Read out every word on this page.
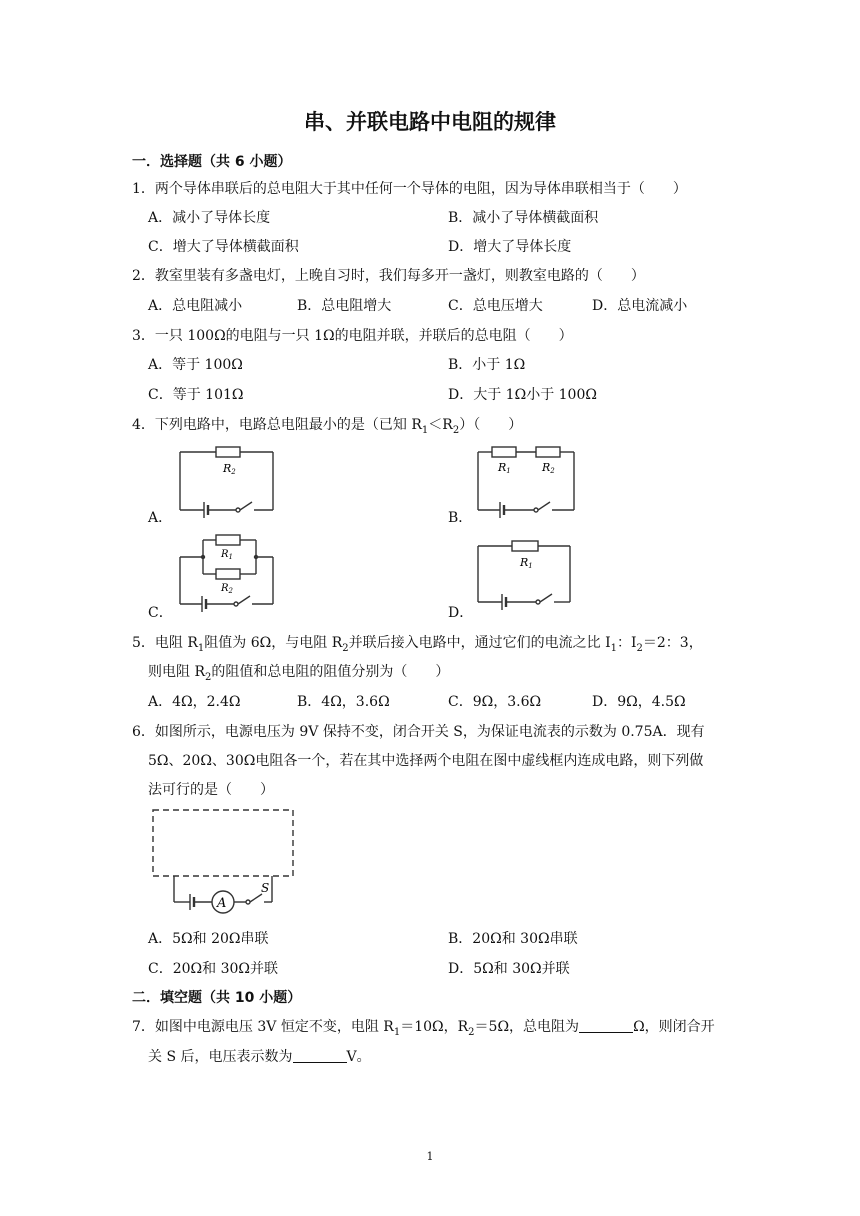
串、并联电路中电阻的规律
一．选择题（共 6 小题）
1．两个导体串联后的总电阻大于其中任何一个导体的电阻，因为导体串联相当于（　　）
A．减小了导体长度	B．减小了导体横截面积
C．增大了导体横截面积	D．增大了导体长度
2．教室里装有多盏电灯，上晚自习时，我们每多开一盏灯，则教室电路的（　　）
A．总电阻减小	B．总电阻增大	C．总电压增大	D．总电流减小
3．一只 100Ω的电阻与一只 1Ω的电阻并联，并联后的总电阻（　　）
A．等于 100Ω	B．小于 1Ω
C．等于 101Ω	D．大于 1Ω小于 100Ω
4．下列电路中，电路总电阻最小的是（已知 $R_1<R_2$）（　　）
A．	B．
C．	D．
R2	R1	R2
$R_1$
$R_2$
R1
5．电阻 $R_1$阻值为 6Ω，与电阻 $R_2$并联后接入电路中，通过它们的电流之比 $I_1$：$I_2=2$：3，
则电阻 $R_2$的阻值和总电阻的阻值分别为（　　）
A．4Ω，2.4Ω	B．4Ω，3.6Ω	C．9Ω，3.6Ω	D．9Ω，4.5Ω
6．如图所示，电源电压为 9V 保持不变，闭合开关 S，为保证电流表的示数为 0.75A．现有
5Ω、20Ω、30Ω电阻各一个，若在其中选择两个电阻在图中虚线框内连成电路，则下列做
法可行的是（　　）
A
S
A．5Ω和 20Ω串联	B．20Ω和 30Ω串联
C．20Ω和 30Ω并联	D．5Ω和 30Ω并联
二．填空题（共 10 小题）
7．如图中电源电压 3V 恒定不变，电阻 $R_1=10\Omega$，$R_2=5\Omega$，总电阻为	Ω，则闭合开
关 S 后，电压表示数为	V。
1
